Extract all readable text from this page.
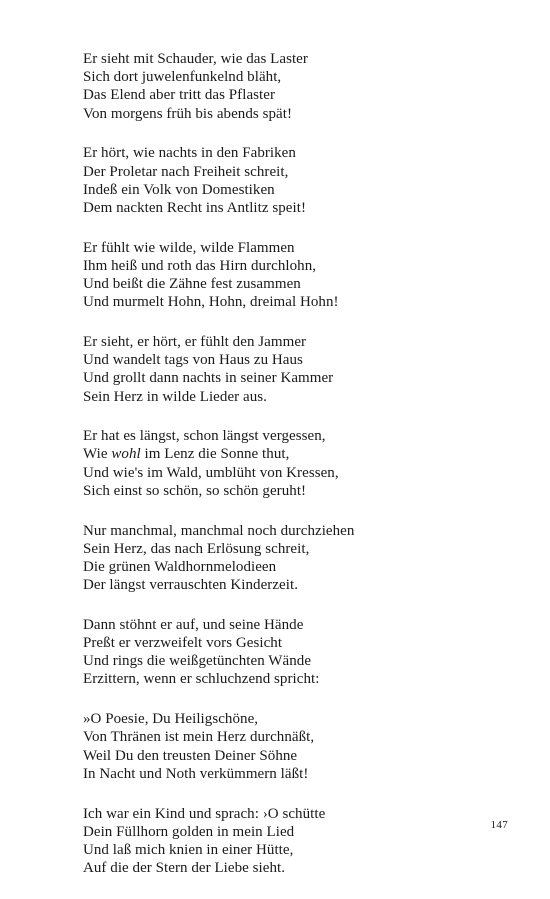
Er sieht mit Schauder, wie das Laster
Sich dort juwelenfunkelnd bläht,
Das Elend aber tritt das Pflaster
Von morgens früh bis abends spät!
Er hört, wie nachts in den Fabriken
Der Proletar nach Freiheit schreit,
Indeß ein Volk von Domestiken
Dem nackten Recht ins Antlitz speit!
Er fühlt wie wilde, wilde Flammen
Ihm heiß und roth das Hirn durchlohn,
Und beißt die Zähne fest zusammen
Und murmelt Hohn, Hohn, dreimal Hohn!
Er sieht, er hört, er fühlt den Jammer
Und wandelt tags von Haus zu Haus
Und grollt dann nachts in seiner Kammer
Sein Herz in wilde Lieder aus.
Er hat es längst, schon längst vergessen,
Wie wohl im Lenz die Sonne thut,
Und wie's im Wald, umblüht von Kressen,
Sich einst so schön, so schön geruht!
Nur manchmal, manchmal noch durchziehen
Sein Herz, das nach Erlösung schreit,
Die grünen Waldhornmelodieen
Der längst verrauschten Kinderzeit.
Dann stöhnt er auf, und seine Hände
Preßt er verzweifelt vors Gesicht
Und rings die weißgetünchten Wände
Erzittern, wenn er schluchzend spricht:
»O Poesie, Du Heiligschöne,
Von Thränen ist mein Herz durchnäßt,
Weil Du den treusten Deiner Söhne
In Nacht und Noth verkümmern läßt!
Ich war ein Kind und sprach: ›O schütte
Dein Füllhorn golden in mein Lied
Und laß mich knien in einer Hütte,
Auf die der Stern der Liebe sieht.
147
